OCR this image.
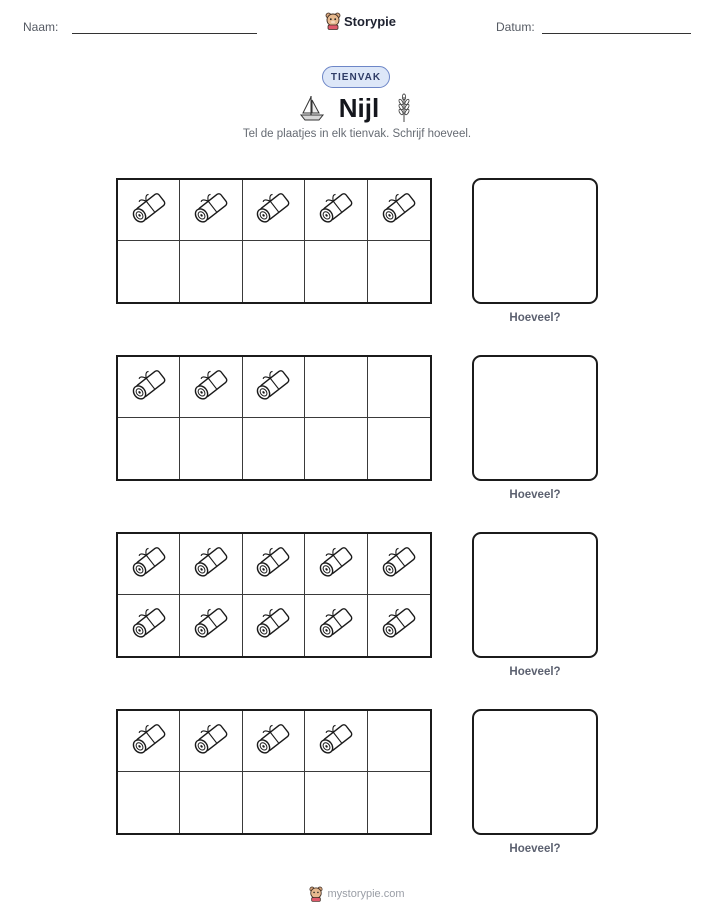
Naam:	Storypie	Datum:
TIENVAK
Nijl
Tel de plaatjes in elk tienvak. Schrijf hoeveel.
Hoeveel?
Hoeveel?
Hoeveel?
Hoeveel?
mystorypie.com
